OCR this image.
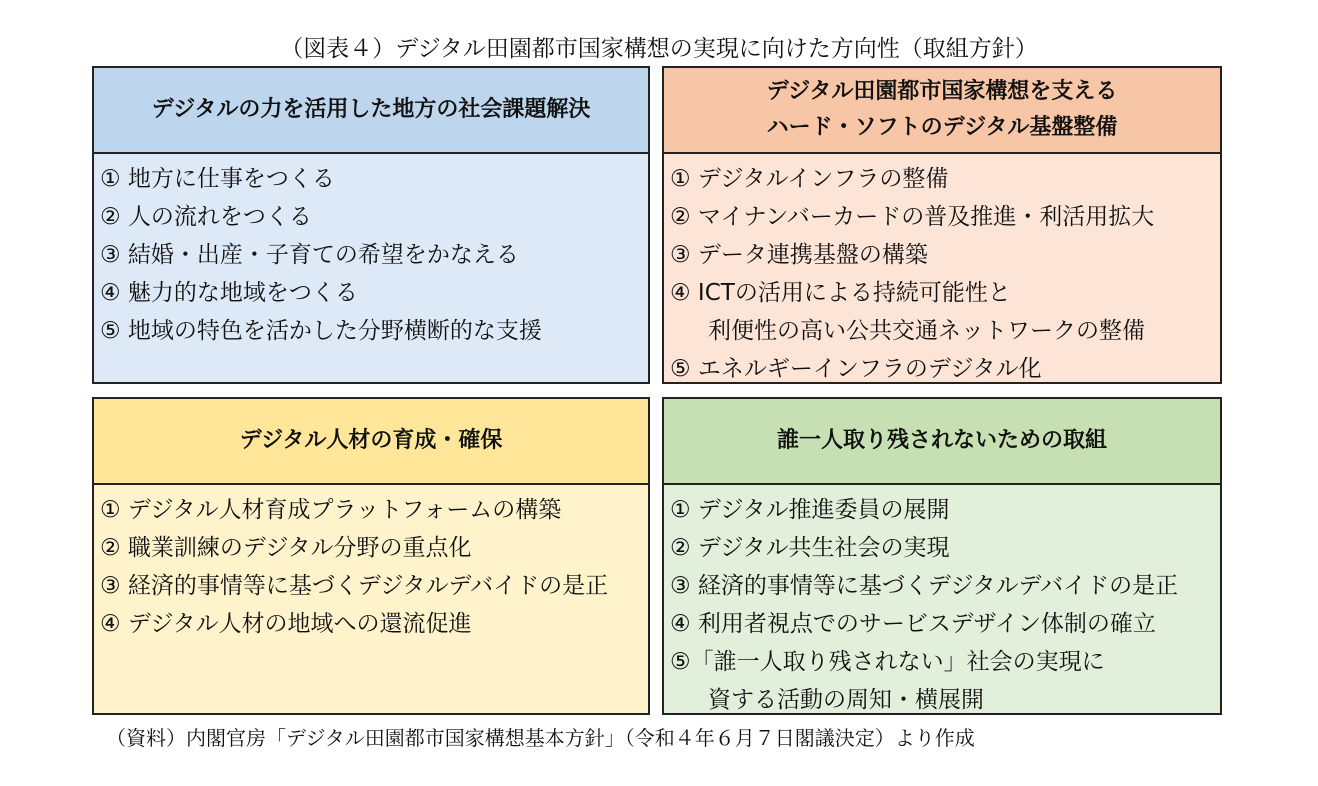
（図表４）デジタル田園都市国家構想の実現に向けた方向性（取組方針）
デジタルの力を活用した地方の社会課題解決
① 地方に仕事をつくる
② 人の流れをつくる
③ 結婚・出産・子育ての希望をかなえる
④ 魅力的な地域をつくる
⑤ 地域の特色を活かした分野横断的な支援
デジタル田園都市国家構想を支える
ハード・ソフトのデジタル基盤整備
① デジタルインフラの整備
② マイナンバーカードの普及推進・利活用拡大
③ データ連携基盤の構築
④ ICTの活用による持続可能性と
利便性の高い公共交通ネットワークの整備
⑤ エネルギーインフラのデジタル化
デジタル人材の育成・確保
① デジタル人材育成プラットフォームの構築
② 職業訓練のデジタル分野の重点化
③ 経済的事情等に基づくデジタルデバイドの是正
④ デジタル人材の地域への還流促進
誰一人取り残されないための取組
① デジタル推進委員の展開
② デジタル共生社会の実現
③ 経済的事情等に基づくデジタルデバイドの是正
④ 利用者視点でのサービスデザイン体制の確立
⑤「誰一人取り残されない」社会の実現に
資する活動の周知・横展開
（資料）内閣官房「デジタル田園都市国家構想基本方針」（令和４年６月７日閣議決定）より作成
